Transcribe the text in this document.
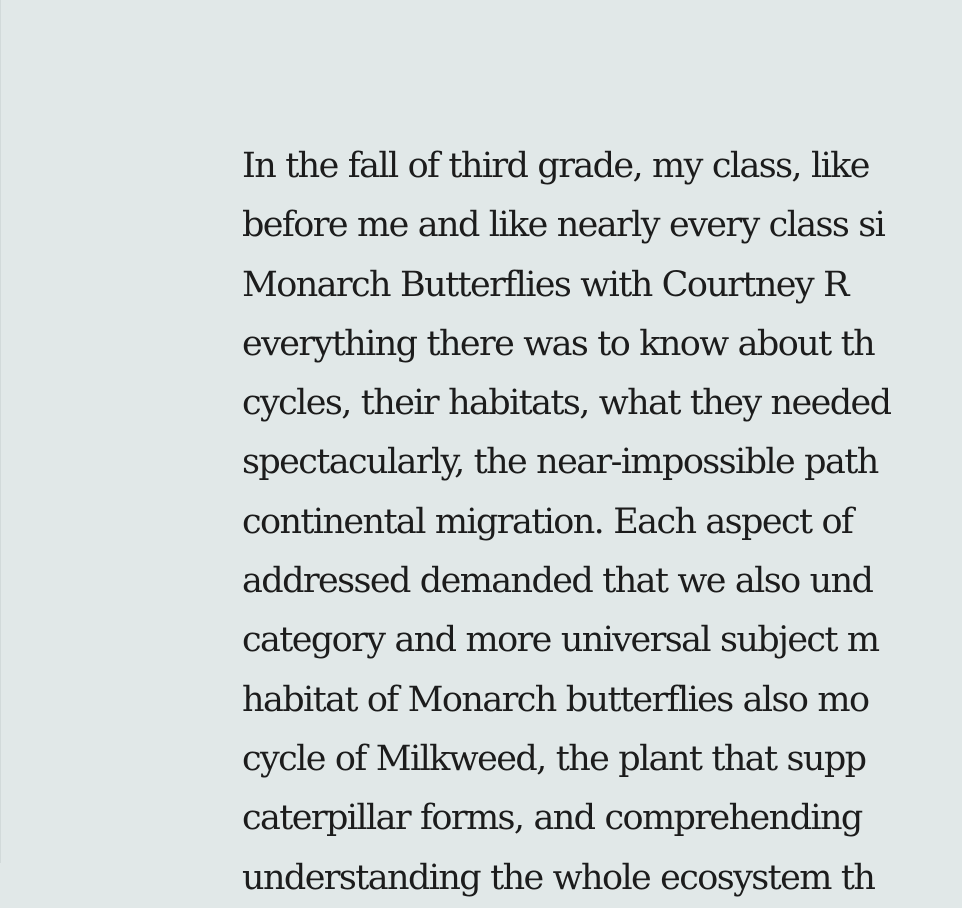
In the fall of third grade, my class, like
before me and like nearly every class si
Monarch Butterflies with Courtney R
everything there was to know about th
cycles, their habitats, what they needed
spectacularly, the near-impossible path
continental migration. Each aspect of
addressed demanded that we also und
category and more universal subject m
habitat of Monarch butterflies also mo
cycle of Milkweed, the plant that supp
caterpillar forms, and comprehending
understanding the whole ecosystem th
